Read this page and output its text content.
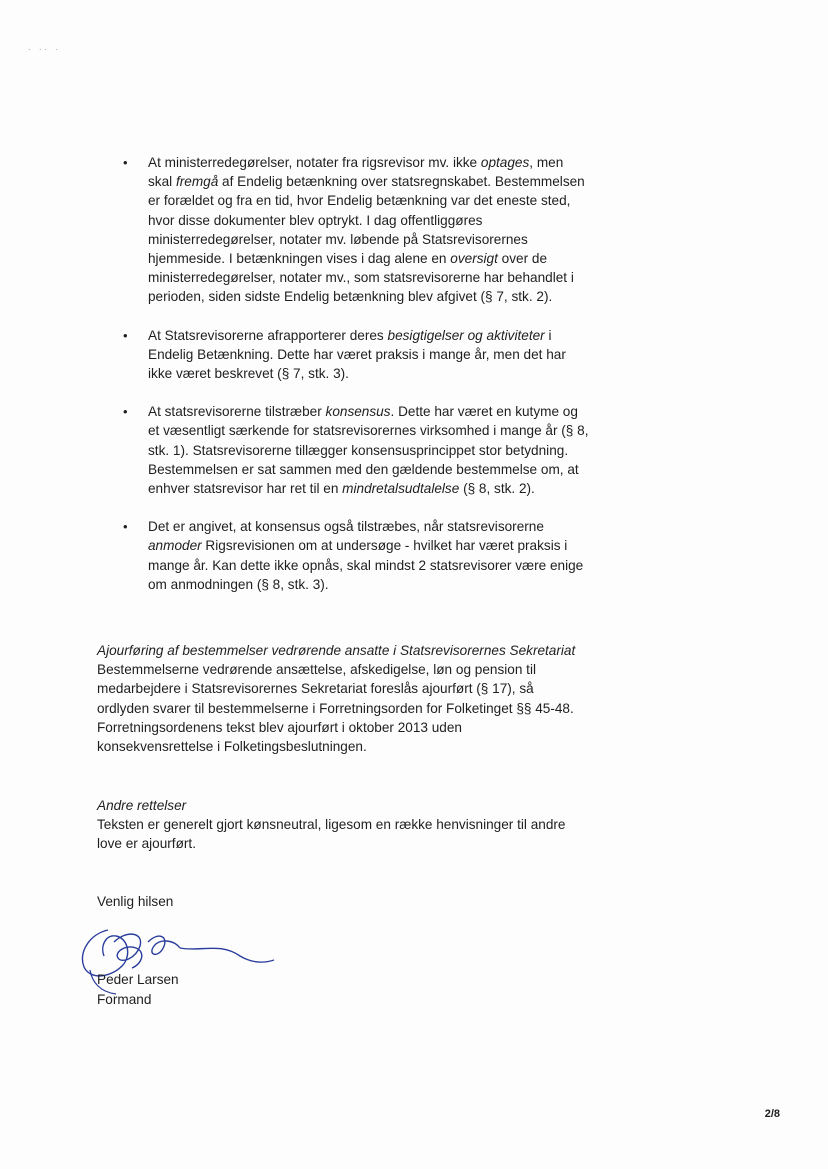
. .. .
• At ministerredegørelser, notater fra rigsrevisor mv. ikke optages, men skal fremgå af Endelig betænkning over statsregnskabet. Bestemmelsen er forældet og fra en tid, hvor Endelig betænkning var det eneste sted, hvor disse dokumenter blev optrykt. I dag offentliggøres ministerredegørelser, notater mv. løbende på Statsrevisorernes hjemmeside. I betænkningen vises i dag alene en oversigt over de ministerredegørelser, notater mv., som statsrevisorerne har behandlet i perioden, siden sidste Endelig betænkning blev afgivet (§ 7, stk. 2).
• At Statsrevisorerne afrapporterer deres besigtigelser og aktiviteter i Endelig Betænkning. Dette har været praksis i mange år, men det har ikke været beskrevet (§ 7, stk. 3).
• At statsrevisorerne tilstræber konsensus. Dette har været en kutyme og et væsentligt særkende for statsrevisorernes virksomhed i mange år (§ 8, stk. 1). Statsrevisorerne tillægger konsensusprincippet stor betydning. Bestemmelsen er sat sammen med den gældende bestemmelse om, at enhver statsrevisor har ret til en mindretalsudtalelse (§ 8, stk. 2).
• Det er angivet, at konsensus også tilstræbes, når statsrevisorerne anmoder Rigsrevisionen om at undersøge - hvilket har været praksis i mange år. Kan dette ikke opnås, skal mindst 2 statsrevisorer være enige om anmodningen (§ 8, stk. 3).
Ajourføring af bestemmelser vedrørende ansatte i Statsrevisorernes Sekretariat
Bestemmelserne vedrørende ansættelse, afskedigelse, løn og pension til medarbejdere i Statsrevisorernes Sekretariat foreslås ajourført (§ 17), så ordlyden svarer til bestemmelserne i Forretningsorden for Folketinget §§ 45-48. Forretningsordenens tekst blev ajourført i oktober 2013 uden konsekvensrettelse i Folketingsbeslutningen.
Andre rettelser
Teksten er generelt gjort kønsneutral, ligesom en række henvisninger til andre love er ajourført.
Venlig hilsen
Peder Larsen
Formand
2/8
